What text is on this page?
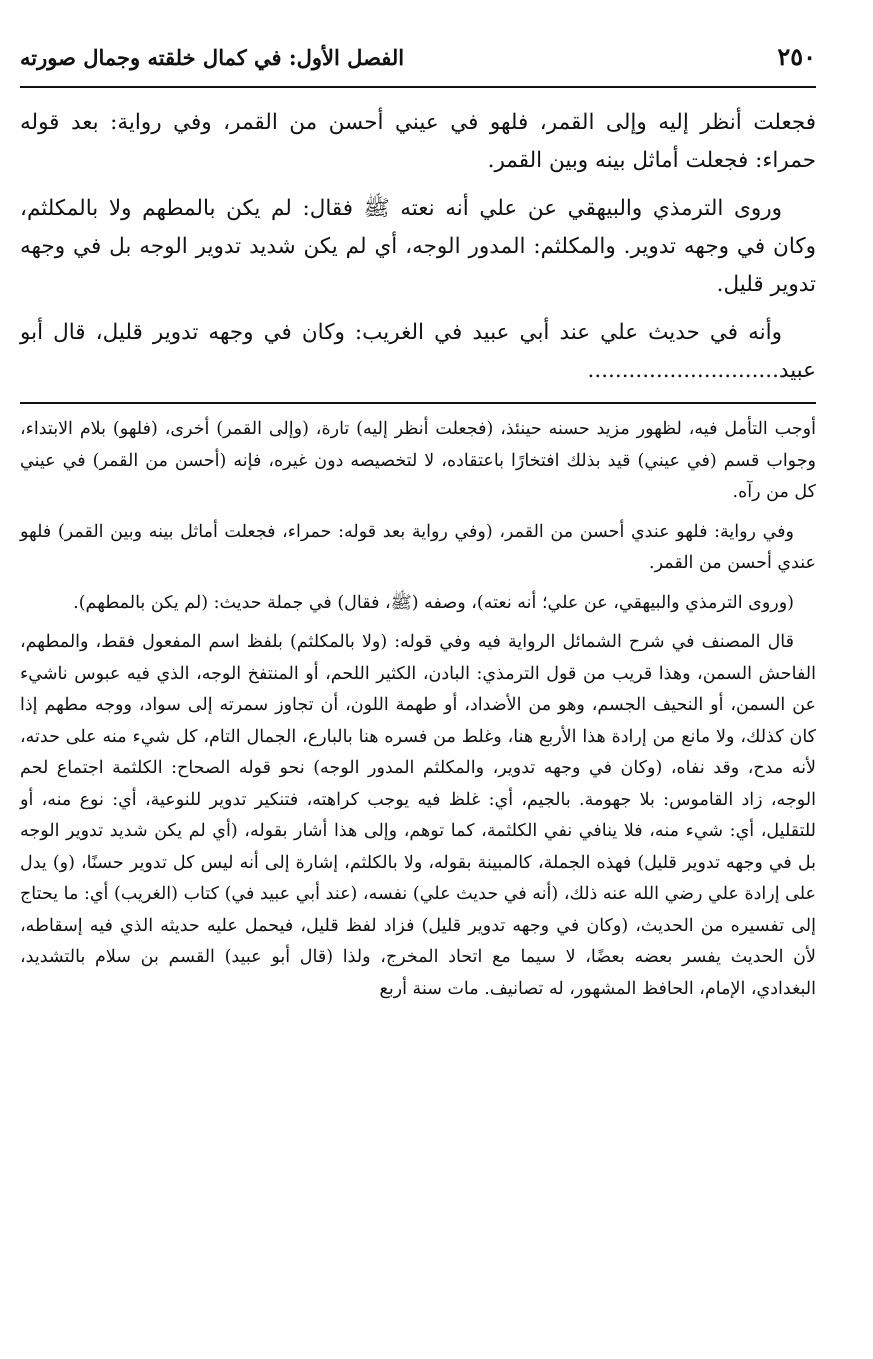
٢٥٠
الفصل الأول: في كمال خلقته وجمال صورته

فجعلت أنظر إليه وإلى القمر، فلهو في عيني أحسن من القمر، وفي رواية: بعد قوله حمراء: فجعلت أماثل بينه وبين القمر.

وروى الترمذي والبيهقي عن علي أنه نعته ﷺ فقال: لم يكن بالمطهم ولا بالمكلثم، وكان في وجهه تدوير. والمكلثم: المدور الوجه، أي لم يكن شديد تدوير الوجه بل في وجهه تدوير قليل.

وأنه في حديث علي عند أبي عبيد في الغريب: وكان في وجهه تدوير قليل، قال أبو عبيد............................

أوجب التأمل فيه، لظهور مزيد حسنه حينئذ، (فجعلت أنظر إليه) تارة، (وإلى القمر) أخرى، (فلهو) بلام الابتداء، وجواب قسم (في عيني) قيد بذلك افتخارًا باعتقاده، لا لتخصيصه دون غيره، فإنه (أحسن من القمر) في عيني كل من رآه.

وفي رواية: فلهو عندي أحسن من القمر، (وفي رواية بعد قوله: حمراء، فجعلت أماثل بينه وبين القمر) فلهو عندي أحسن من القمر.

(وروى الترمذي والبيهقي، عن علي؛ أنه نعته)، وصفه (ﷺ، فقال) في جملة حديث: (لم يكن بالمطهم).

قال المصنف في شرح الشمائل الرواية فيه وفي قوله: (ولا بالمكلثم) بلفظ اسم المفعول فقط، والمطهم، الفاحش السمن، وهذا قريب من قول الترمذي: البادن، الكثير اللحم، أو المنتفخ الوجه، الذي فيه عبوس ناشيء عن السمن، أو النحيف الجسم، وهو من الأضداد، أو طهمة اللون، أن تجاوز سمرته إلى سواد، ووجه مطهم إذا كان كذلك، ولا مانع من إرادة هذا الأربع هنا، وغلط من فسره هنا بالبارع، الجمال التام، كل شيء منه على حدته، لأنه مدح، وقد نفاه، (وكان في وجهه تدوير، والمكلثم المدور الوجه) نحو قوله الصحاح: الكلثمة اجتماع لحم الوجه، زاد القاموس: بلا جهومة. بالجيم، أي: غلظ فيه يوجب كراهته، فتنكير تدوير للنوعية، أي: نوع منه، أو للتقليل، أي: شيء منه، فلا ينافي نفي الكلثمة، كما توهم، وإلى هذا أشار بقوله، (أي لم يكن شديد تدوير الوجه بل في وجهه تدوير قليل) فهذه الجملة، كالمبينة بقوله، ولا بالكلثم، إشارة إلى أنه ليس كل تدوير حسنًا، (و) يدل على إرادة علي رضي الله عنه ذلك، (أنه في حديث علي) نفسه، (عند أبي عبيد في) كتاب (الغريب) أي: ما يحتاج إلى تفسيره من الحديث، (وكان في وجهه تدوير قليل) فزاد لفظ قليل، فيحمل عليه حديثه الذي فيه إسقاطه، لأن الحديث يفسر بعضه بعضًا، لا سيما مع اتحاد المخرج، ولذا (قال أبو عبيد) القسم بن سلام بالتشديد، البغدادي، الإمام، الحافظ المشهور، له تصانيف. مات سنة أربع
